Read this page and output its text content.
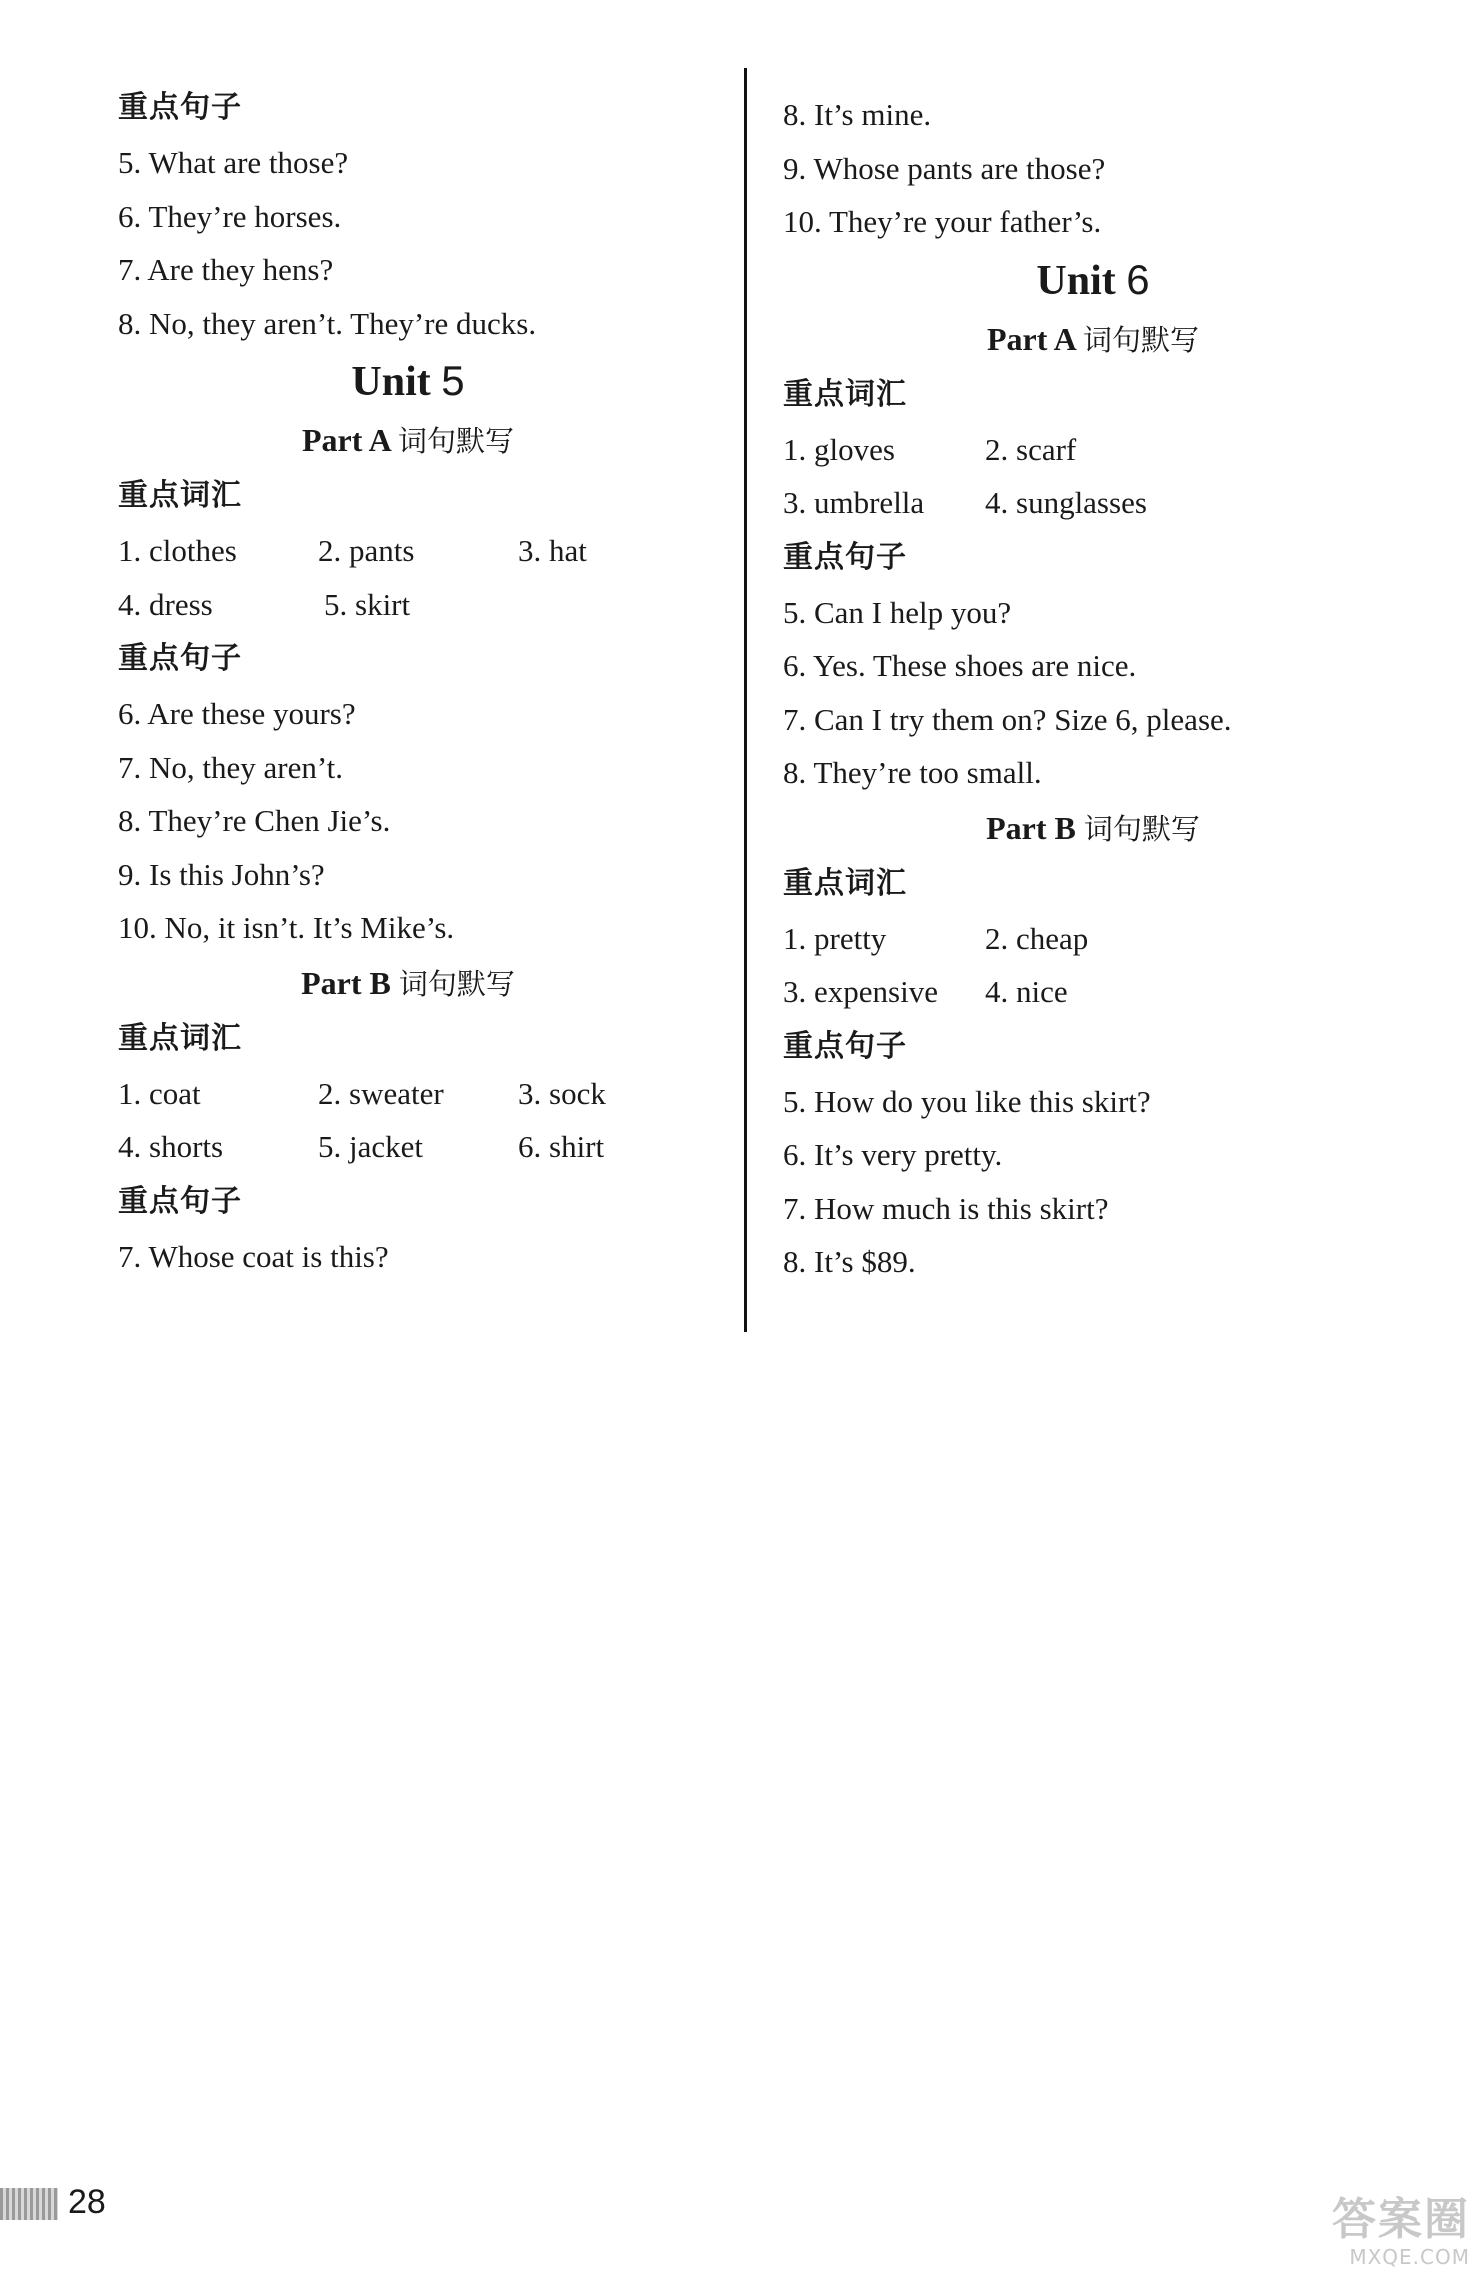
重点句子
5. What are those?
6. They’re horses.
7. Are they hens?
8. No, they aren’t. They’re ducks.
Unit 5
Part A 词句默写
重点词汇
1. clothes	2. pants	3. hat
4. dress	5. skirt
重点句子
6. Are these yours?
7. No, they aren’t.
8. They’re Chen Jie’s.
9. Is this John’s?
10. No, it isn’t. It’s Mike’s.
Part B 词句默写
重点词汇
1. coat	2. sweater	3. sock
4. shorts	5. jacket	6. shirt
重点句子
7. Whose coat is this?
8. It’s mine.
9. Whose pants are those?
10. They’re your father’s.
Unit 6
Part A 词句默写
重点词汇
1. gloves	2. scarf
3. umbrella	4. sunglasses
重点句子
5. Can I help you?
6. Yes. These shoes are nice.
7. Can I try them on? Size 6, please.
8. They’re too small.
Part B 词句默写
重点词汇
1. pretty	2. cheap
3. expensive	4. nice
重点句子
5. How do you like this skirt?
6. It’s very pretty.
7. How much is this skirt?
8. It’s $89.
28	答案圈
MXQE.COM
